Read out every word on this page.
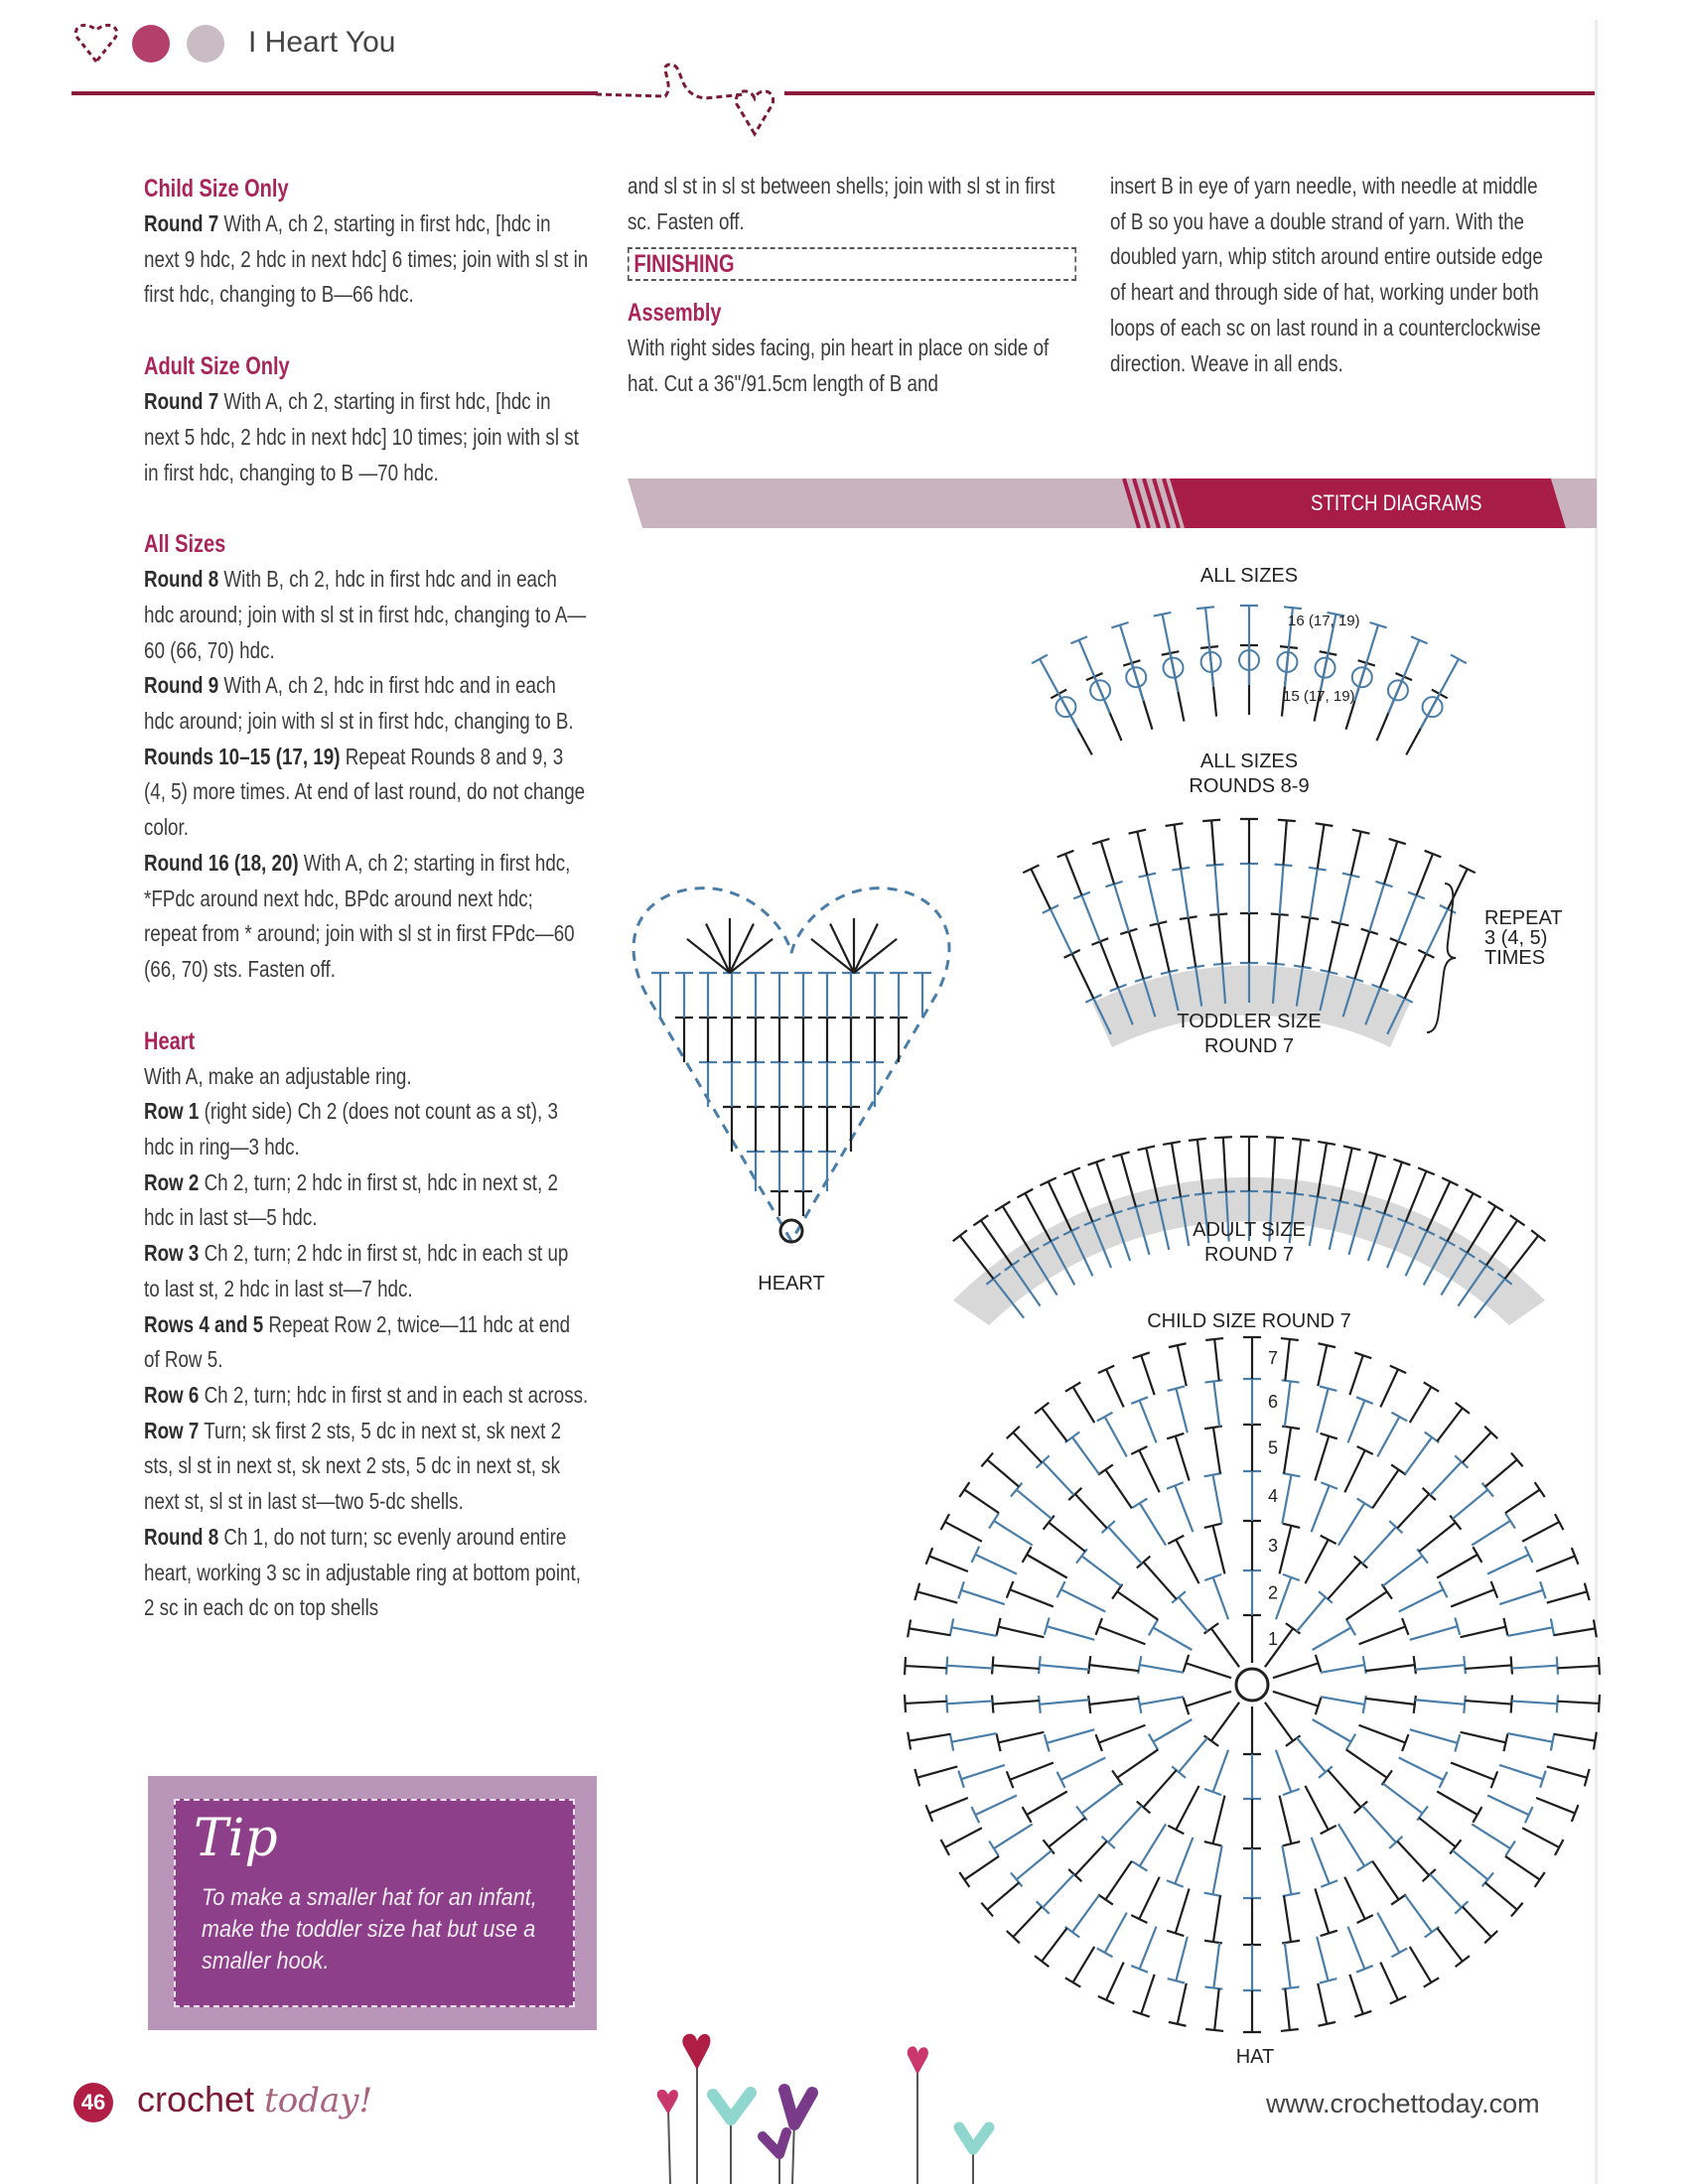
I Heart You
Child Size Only

Round 7 With A, ch 2, starting in first hdc, [hdc in next 9 hdc, 2 hdc in next hdc] 6 times; join with sl st in first hdc, changing to B—66 hdc.

Adult Size Only

Round 7 With A, ch 2, starting in first hdc, [hdc in next 5 hdc, 2 hdc in next hdc] 10 times; join with sl st in first hdc, changing to B —70 hdc.

All Sizes

Round 8 With B, ch 2, hdc in first hdc and in each hdc around; join with sl st in first hdc, changing to A—60 (66, 70) hdc.

Round 9 With A, ch 2, hdc in first hdc and in each hdc around; join with sl st in first hdc, changing to B.

Rounds 10–15 (17, 19) Repeat Rounds 8 and 9, 3 (4, 5) more times. At end of last round, do not change color.

Round 16 (18, 20) With A, ch 2; starting in first hdc, *FPdc around next hdc, BPdc around next hdc; repeat from * around; join with sl st in first FPdc—60 (66, 70) sts. Fasten off.

Heart

With A, make an adjustable ring.

Row 1 (right side) Ch 2 (does not count as a st), 3 hdc in ring—3 hdc.

Row 2 Ch 2, turn; 2 hdc in first st, hdc in next st, 2 hdc in last st—5 hdc.

Row 3 Ch 2, turn; 2 hdc in first st, hdc in each st up to last st, 2 hdc in last st—7 hdc.

Rows 4 and 5 Repeat Row 2, twice—11 hdc at end of Row 5.

Row 6 Ch 2, turn; hdc in first st and in each st across.

Row 7 Turn; sk first 2 sts, 5 dc in next st, sk next 2 sts, sl st in next st, sk next 2 sts, 5 dc in next st, sk next st, sl st in last st—two 5-dc shells.

Round 8 Ch 1, do not turn; sc evenly around entire heart, working 3 sc in adjustable ring at bottom point, 2 sc in each dc on top shells

and sl st in sl st between shells; join with sl st in first sc. Fasten off.

FINISHING
Assembly

With right sides facing, pin heart in place on side of hat. Cut a 36"/91.5cm length of B and

insert B in eye of yarn needle, with needle at middle of B so you have a double strand of yarn. With the doubled yarn, whip stitch around entire outside edge of heart and through side of hat, working under both loops of each sc on last round in a counterclockwise direction. Weave in all ends.

STITCH DIAGRAMS
1
2
3
4
5
6
7
ALL SIZES
16 (17, 19)
15 (17, 19)
ALL SIZES
ROUNDS 8-9
REPEAT
3 (4, 5)
TIMES
TODDLER SIZE
ROUND 7
ADULT SIZE
ROUND 7
HEART
CHILD SIZE ROUND 7
HAT
Tip
To make a smaller hat for an infant, make the toddler size hat but use a smaller hook.
46 crochet today!	www.crochettoday.com
